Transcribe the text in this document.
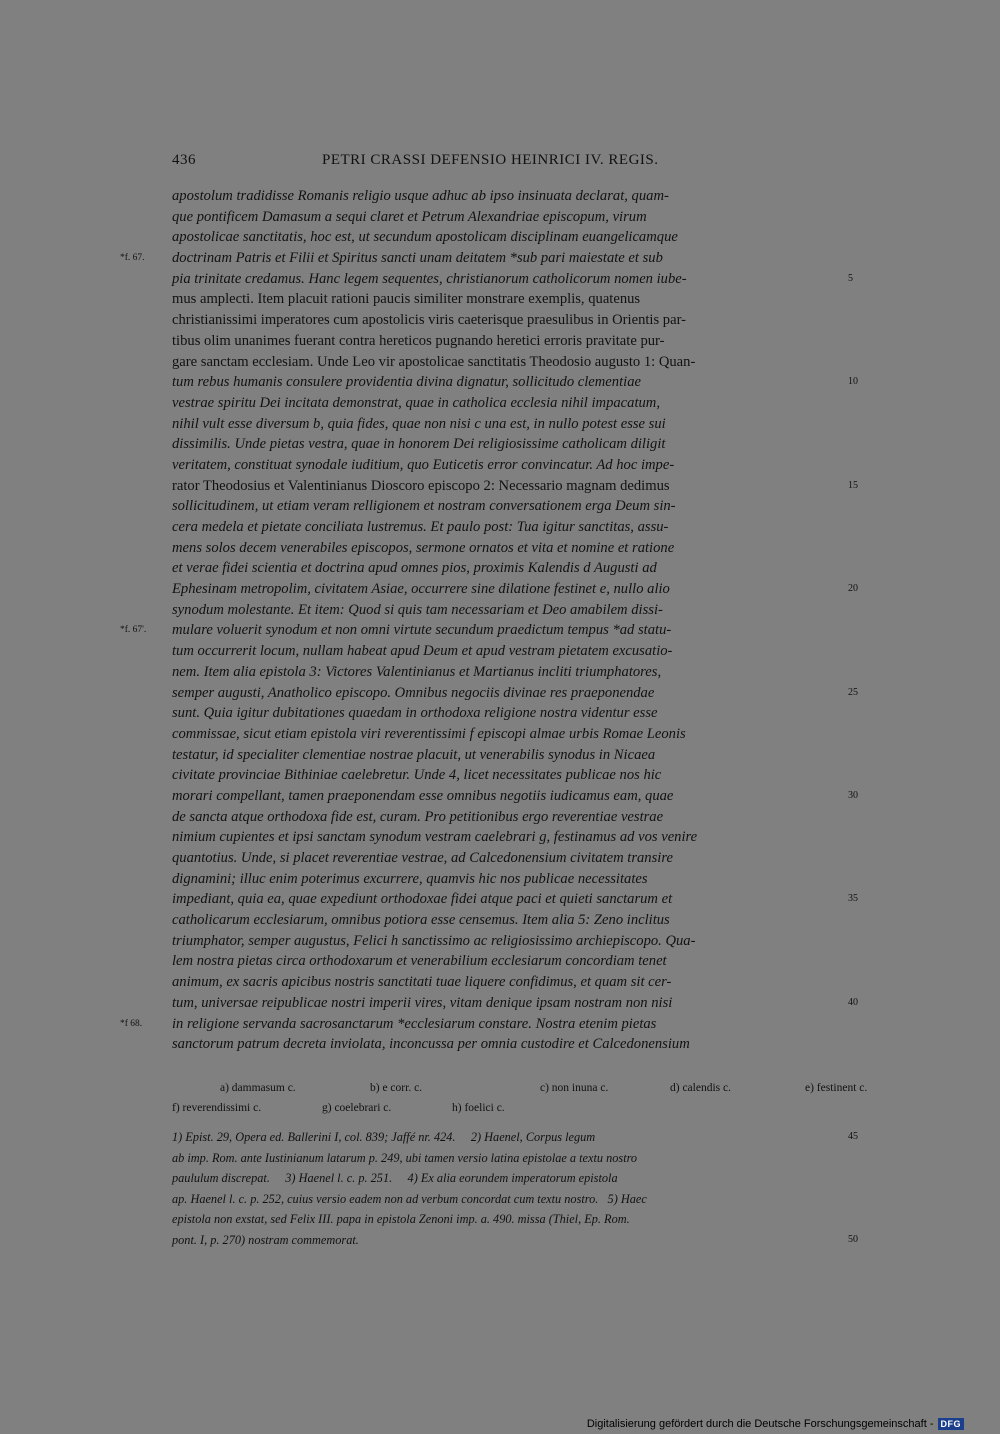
436	PETRI CRASSI DEFENSIO HEINRICI IV. REGIS.
apostolum tradidisse Romanis religio usque adhuc ab ipso insinuata declarat, quam-
que pontificem Damasum a sequi claret et Petrum Alexandriae episcopum, virum
apostolicae sanctitatis, hoc est, ut secundum apostolicam disciplinam euangelicamque
doctrinam Patris et Filii et Spiritus sancti unam deitatem *sub pari maiestate et sub
*f. 67.
pia trinitate credamus. Hanc legem sequentes, christianorum catholicorum nomen iube-	5
mus amplecti. Item placuit rationi paucis similiter monstrare exemplis, quatenus
christianissimi imperatores cum apostolicis viris caeterisque praesulibus in Orientis par-
tibus olim unanimes fuerant contra hereticos pugnando heretici erroris pravitate pur-
gare sanctam ecclesiam. Unde Leo vir apostolicae sanctitatis Theodosio augusto 1: Quan-
tum rebus humanis consulere providentia divina dignatur, sollicitudo clementiae	10
vestrae spiritu Dei incitata demonstrat, quae in catholica ecclesia nihil impacatum,
nihil vult esse diversum b, quia fides, quae non nisi c una est, in nullo potest esse sui
dissimilis. Unde pietas vestra, quae in honorem Dei religiosissime catholicam diligit
veritatem, constituat synodale iuditium, quo Euticetis error convincatur. Ad hoc impe-
rator Theodosius et Valentinianus Dioscoro episcopo 2: Necessario magnam dedimus	15
sollicitudinem, ut etiam veram relligionem et nostram conversationem erga Deum sin-
cera medela et pietate conciliata lustremus. Et paulo post: Tua igitur sanctitas, assu-
mens solos decem venerabiles episcopos, sermone ornatos et vita et nomine et ratione
et verae fidei scientia et doctrina apud omnes pios, proximis Kalendis d Augusti ad
Ephesinam metropolim, civitatem Asiae, occurrere sine dilatione festinet e, nullo alio	20
synodum molestante. Et item: Quod si quis tam necessariam et Deo amabilem dissi-
mulare voluerit synodum et non omni virtute secundum praedictum tempus *ad statu-
*f. 67'.
tum occurrerit locum, nullam habeat apud Deum et apud vestram pietatem excusatio-
nem. Item alia epistola 3: Victores Valentinianus et Martianus incliti triumphatores,
semper augusti, Anatholico episcopo. Omnibus negociis divinae res praeponendae	25
sunt. Quia igitur dubitationes quaedam in orthodoxa religione nostra videntur esse
commissae, sicut etiam epistola viri reverentissimi f episcopi almae urbis Romae Leonis
testatur, id specialiter clementiae nostrae placuit, ut venerabilis synodus in Nicaea
civitate provinciae Bithiniae caelebretur. Unde 4, licet necessitates publicae nos hic
morari compellant, tamen praeponendam esse omnibus negotiis iudicamus eam, quae	30
de sancta atque orthodoxa fide est, curam. Pro petitionibus ergo reverentiae vestrae
nimium cupientes et ipsi sanctam synodum vestram caelebrari g, festinamus ad vos venire
quantotius. Unde, si placet reverentiae vestrae, ad Calcedonensium civitatem transire
dignamini; illuc enim poterimus excurrere, quamvis hic nos publicae necessitates
impediant, quia ea, quae expediunt orthodoxae fidei atque paci et quieti sanctarum et	35
catholicarum ecclesiarum, omnibus potiora esse censemus. Item alia 5: Zeno inclitus
triumphator, semper augustus, Felici h sanctissimo ac religiosissimo archiepiscopo. Qua-
lem nostra pietas circa orthodoxarum et venerabilium ecclesiarum concordiam tenet
animum, ex sacris apicibus nostris sanctitati tuae liquere confidimus, et quam sit cer-
tum, universae reipublicae nostri imperii vires, vitam denique ipsam nostram non nisi	40
in religione servanda sacrosanctarum *ecclesiarum constare. Nostra etenim pietas
*f 68.
sanctorum patrum decreta inviolata, inconcussa per omnia custodire et Calcedonensium
a) dammasum c.	b) e corr. c.	c) non inuna c.	d) calendis c.	e) festinent c.
f) reverendissimi c.	g) coelebrari c.	h) foelici c.
1) Epist. 29, Opera ed. Ballerini I, col. 839; Jaffé nr. 424.     2) Haenel, Corpus legum	45
ab imp. Rom. ante Iustinianum latarum p. 249, ubi tamen versio latina epistolae a textu nostro
paululum discrepat.     3) Haenel l. c. p. 251.     4) Ex alia eorundem imperatorum epistola
ap. Haenel l. c. p. 252, cuius versio eadem non ad verbum concordat cum textu nostro.   5) Haec
epistola non exstat, sed Felix III. papa in epistola Zenoni imp. a. 490. missa (Thiel, Ep. Rom.
pont. I, p. 270) nostram commemorat.	50
Digitalisierung gefördert durch die Deutsche Forschungsgemeinschaft - DFG
